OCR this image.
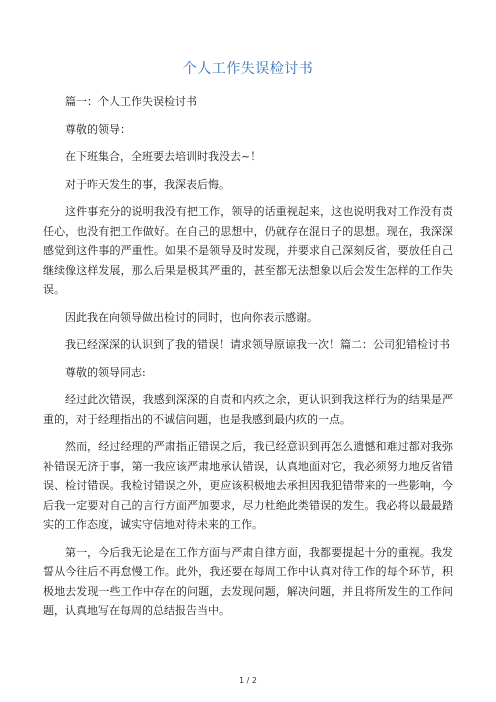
个人工作失误检讨书

篇一：个人工作失误检讨书

尊敬的领导：

在下班集合，全班要去培训时我没去~！

对于昨天发生的事，我深表后悔。

这件事充分的说明我没有把工作，领导的话重视起来，这也说明我对工作没有责任心，也没有把工作做好。在自己的思想中，仍就存在混日子的思想。现在，我深深感觉到这件事的严重性。如果不是领导及时发现，并要求自己深刻反省，要放任自己继续像这样发展，那么后果是极其严重的，甚至都无法想象以后会发生怎样的工作失误。

因此我在向领导做出检讨的同时，也向你表示感谢。

我已经深深的认识到了我的错误！请求领导原谅我一次！篇二：公司犯错检讨书

尊敬的领导同志:

经过此次错误，我感到深深的自责和内疚之余，更认识到我这样行为的结果是严重的，对于经理指出的不诚信问题，也是我感到最内疚的一点。

然而，经过经理的严肃指正错误之后，我已经意识到再怎么遗憾和难过都对我弥补错误无济于事，第一我应该严肃地承认错误，认真地面对它，我必须努力地反省错误、检讨错误。我检讨错误之外，更应该积极地去承担因我犯错带来的一些影响，今后我一定要对自己的言行方面严加要求，尽力杜绝此类错误的发生。我必将以最最踏实的工作态度，诚实守信地对待未来的工作。

第一，今后我无论是在工作方面与严肃自律方面，我都要提起十分的重视。我发誓从今往后不再怠慢工作。此外，我还要在每周工作中认真对待工作的每个环节，积极地去发现一些工作中存在的问题，去发现问题，解决问题，并且将所发生的工作问题，认真地写在每周的总结报告当中。

1 / 2
